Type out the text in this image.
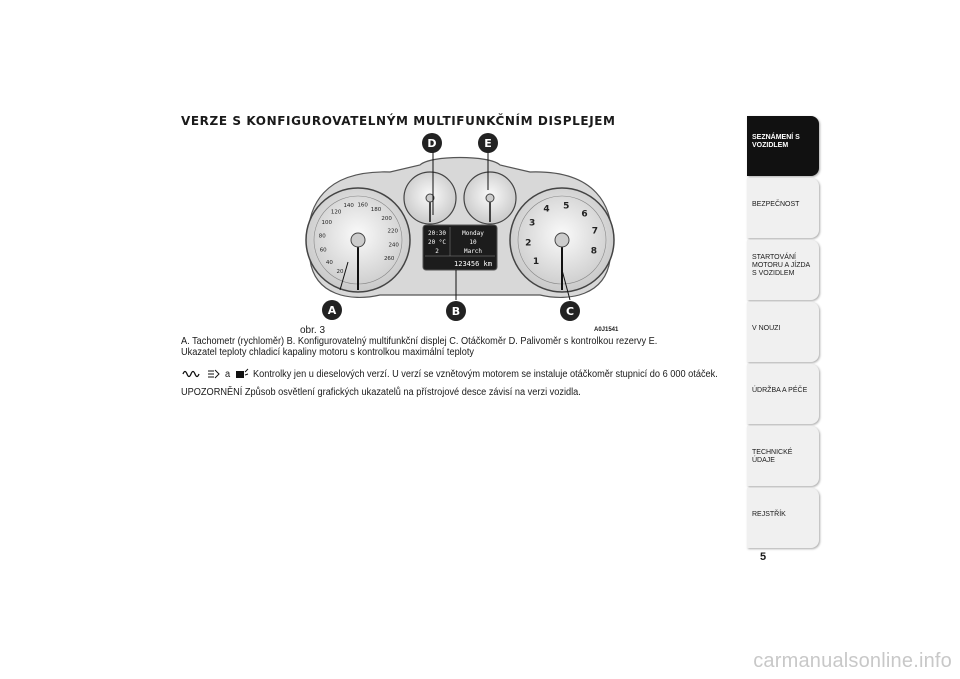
VERZE S KONFIGUROVATELNÝM MULTIFUNKČNÍM DISPLEJEM
20
40
60
80
100
120
140 160
180
200
220
240
260	1
2
3
4 5
6
7
8
20:30
20 °C
2
Monday
10
March
123456 km
D	E
A	B	C
obr. 3	A0J1541
A. Tachometr (rychloměr) B. Konfigurovatelný multifunkční displej C. Otáčkoměr D. Palivoměr s kontrolkou rezervy E. Ukazatel teploty chladicí kapaliny motoru s kontrolkou maximální teploty
a Kontrolky jen u dieselových verzí. U verzí se vznětovým motorem se instaluje otáčkoměr stupnicí do 6 000 otáček.
UPOZORNĚNÍ Způsob osvětlení grafických ukazatelů na přístrojové desce závisí na verzi vozidla.
SEZNÁMENÍ S VOZIDLEM
BEZPEČNOST
STARTOVÁNÍ MOTORU A JÍZDA S VOZIDLEM
V NOUZI
ÚDRŽBA A PÉČE
TECHNICKÉ ÚDAJE
REJSTŘÍK
5
carmanualsonline.info
